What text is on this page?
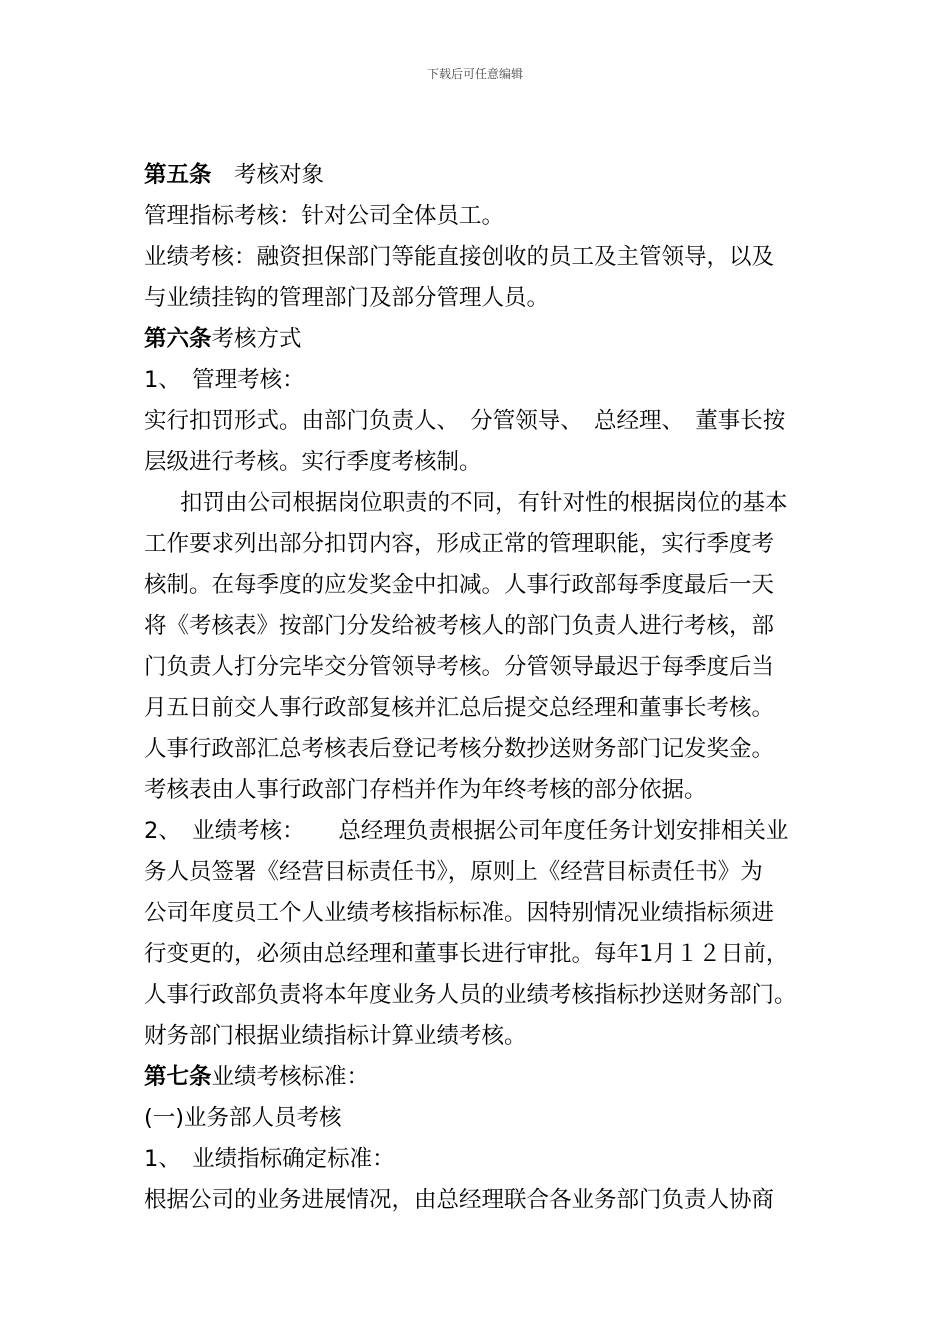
下载后可任意编辑
第五条　考核对象
管理指标考核：针对公司全体员工。
业绩考核：融资担保部门等能直接创收的员工及主管领导，以及
与业绩挂钩的管理部门及部分管理人员。
第六条考核方式
1、　管理考核：
实行扣罚形式。由部门负责人、　分管领导、　总经理、　董事长按
层级进行考核。实行季度考核制。
扣罚由公司根据岗位职责的不同，有针对性的根据岗位的基本
工作要求列出部分扣罚内容，形成正常的管理职能，实行季度考
核制。在每季度的应发奖金中扣减。人事行政部每季度最后一天
将《考核表》按部门分发给被考核人的部门负责人进行考核，部
门负责人打分完毕交分管领导考核。分管领导最迟于每季度后当
月五日前交人事行政部复核并汇总后提交总经理和董事长考核。
人事行政部汇总考核表后登记考核分数抄送财务部门记发奖金。
考核表由人事行政部门存档并作为年终考核的部分依据。
2、　业绩考核：　　总经理负责根据公司年度任务计划安排相关业
务人员签署《经营目标责任书》，原则上《经营目标责任书》为
公司年度员工个人业绩考核指标标准。因特别情况业绩指标须进
行变更的，必须由总经理和董事长进行审批。每年1月１２日前，
人事行政部负责将本年度业务人员的业绩考核指标抄送财务部门。
财务部门根据业绩指标计算业绩考核。
第七条业绩考核标准：
(一)业务部人员考核
1、　业绩指标确定标准：
根据公司的业务进展情况，由总经理联合各业务部门负责人协商
